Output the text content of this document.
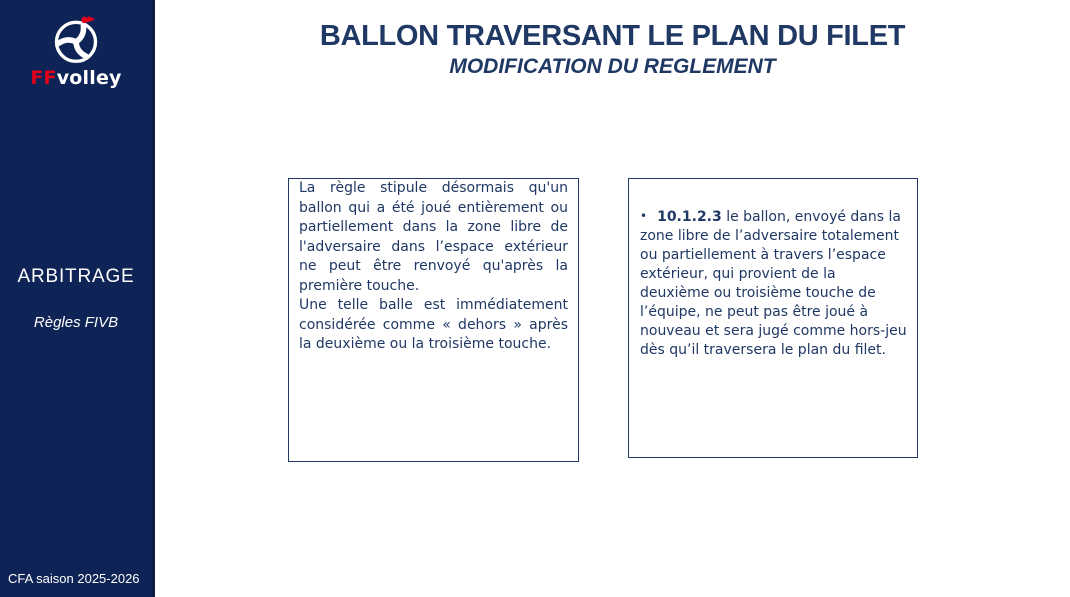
FFvolley
ARBITRAGE
Règles FIVB
CFA saison 2025-2026
BALLON TRAVERSANT LE PLAN DU FILET
MODIFICATION DU REGLEMENT

La règle stipule désormais qu'un ballon qui a été joué entièrement ou partiellement dans la zone libre de l'adversaire dans l’espace extérieur ne peut être renvoyé qu'après la première touche.

Une telle balle est immédiatement considérée comme « dehors » après la deuxième ou la troisième touche.

• 10.1.2.3 le ballon, envoyé dans la zone libre de l’adversaire totalement ou partiellement à travers l’espace extérieur, qui provient de la deuxième ou troisième touche de l’équipe, ne peut pas être joué à nouveau et sera jugé comme hors-jeu dès qu’il traversera le plan du filet.
